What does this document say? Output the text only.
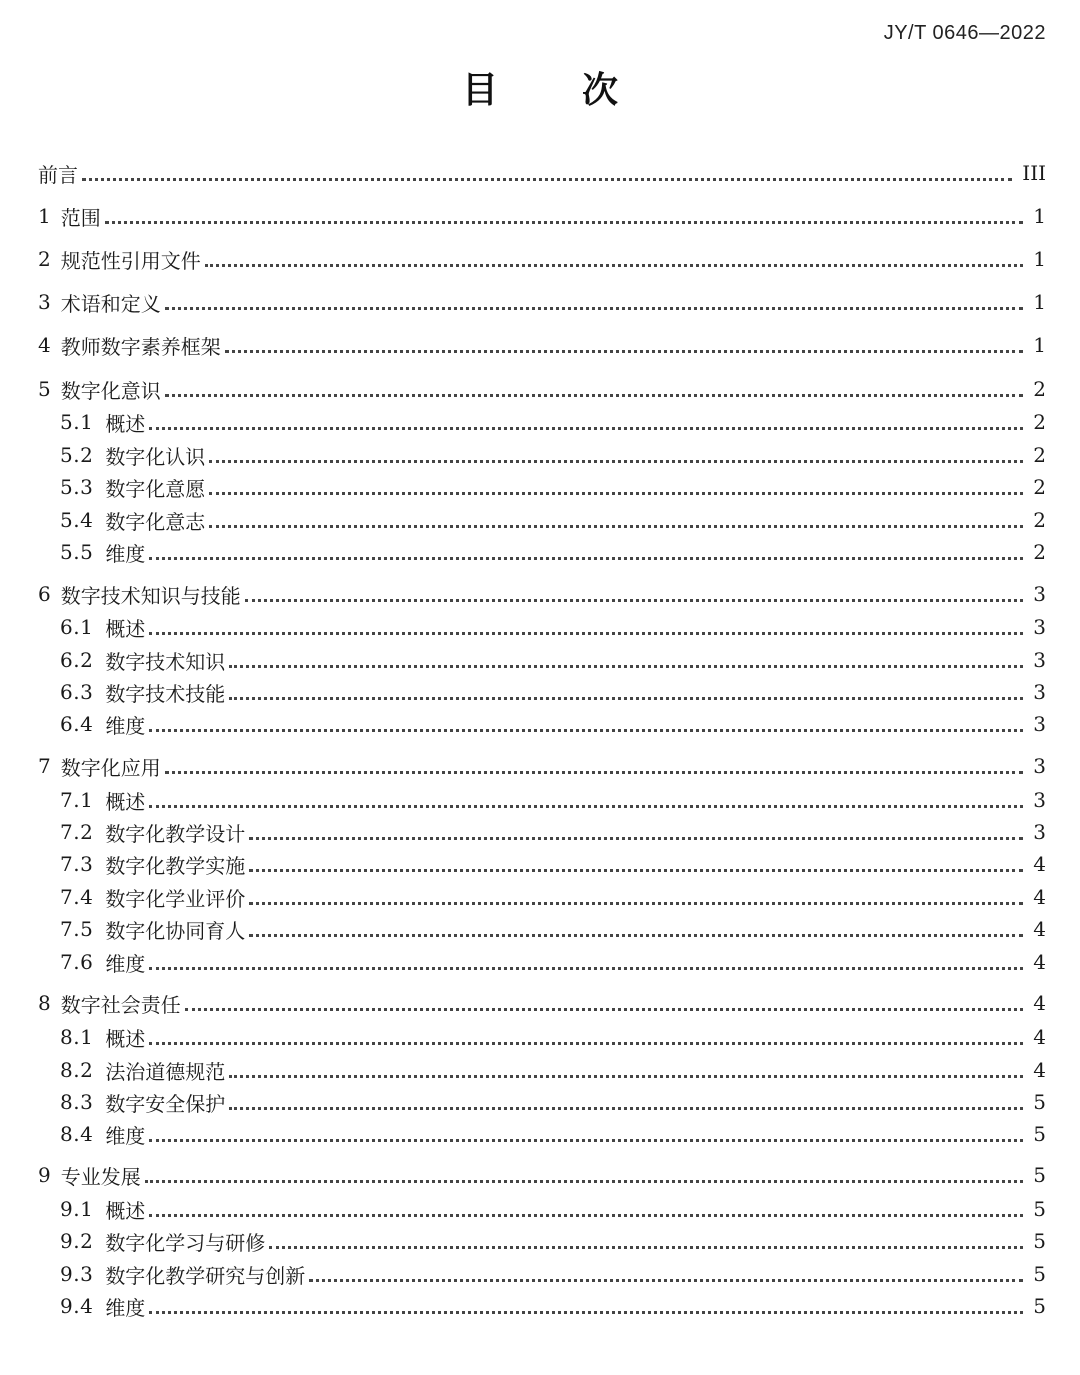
JY/T 0646—2022
目 次
前言	III
1 范围	1
2 规范性引用文件	1
3 术语和定义	1
4 教师数字素养框架	1
5 数字化意识	2
5.1 概述	2
5.2 数字化认识	2
5.3 数字化意愿	2
5.4 数字化意志	2
5.5 维度	2
6 数字技术知识与技能	3
6.1 概述	3
6.2 数字技术知识	3
6.3 数字技术技能	3
6.4 维度	3
7 数字化应用	3
7.1 概述	3
7.2 数字化教学设计	3
7.3 数字化教学实施	4
7.4 数字化学业评价	4
7.5 数字化协同育人	4
7.6 维度	4
8 数字社会责任	4
8.1 概述	4
8.2 法治道德规范	4
8.3 数字安全保护	5
8.4 维度	5
9 专业发展	5
9.1 概述	5
9.2 数字化学习与研修	5
9.3 数字化教学研究与创新	5
9.4 维度	5
